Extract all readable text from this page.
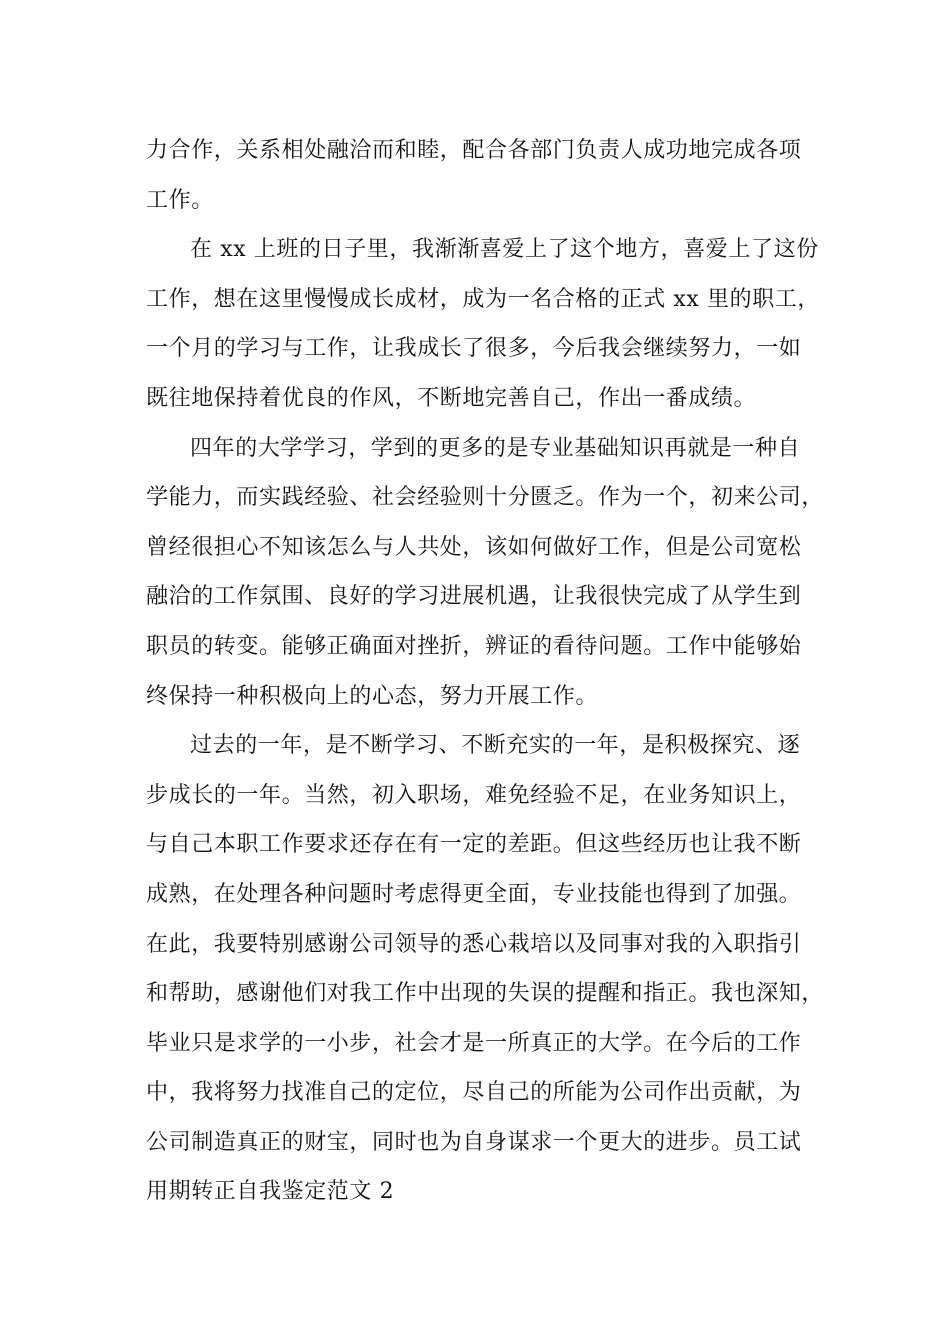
力合作，关系相处融洽而和睦，配合各部门负责人成功地完成各项
工作。
在 xx 上班的日子里，我渐渐喜爱上了这个地方，喜爱上了这份
工作，想在这里慢慢成长成材，成为一名合格的正式 xx 里的职工，
一个月的学习与工作，让我成长了很多，今后我会继续努力，一如
既往地保持着优良的作风，不断地完善自己，作出一番成绩。
四年的大学学习，学到的更多的是专业基础知识再就是一种自
学能力，而实践经验、社会经验则十分匮乏。作为一个，初来公司，
曾经很担心不知该怎么与人共处，该如何做好工作，但是公司宽松
融洽的工作氛围、良好的学习进展机遇，让我很快完成了从学生到
职员的转变。能够正确面对挫折，辨证的看待问题。工作中能够始
终保持一种积极向上的心态，努力开展工作。
过去的一年，是不断学习、不断充实的一年，是积极探究、逐
步成长的一年。当然，初入职场，难免经验不足，在业务知识上，
与自己本职工作要求还存在有一定的差距。但这些经历也让我不断
成熟，在处理各种问题时考虑得更全面，专业技能也得到了加强。
在此，我要特别感谢公司领导的悉心栽培以及同事对我的入职指引
和帮助，感谢他们对我工作中出现的失误的提醒和指正。我也深知，
毕业只是求学的一小步，社会才是一所真正的大学。在今后的工作
中，我将努力找准自己的定位，尽自己的所能为公司作出贡献，为
公司制造真正的财宝，同时也为自身谋求一个更大的进步。员工试
用期转正自我鉴定范文 2
